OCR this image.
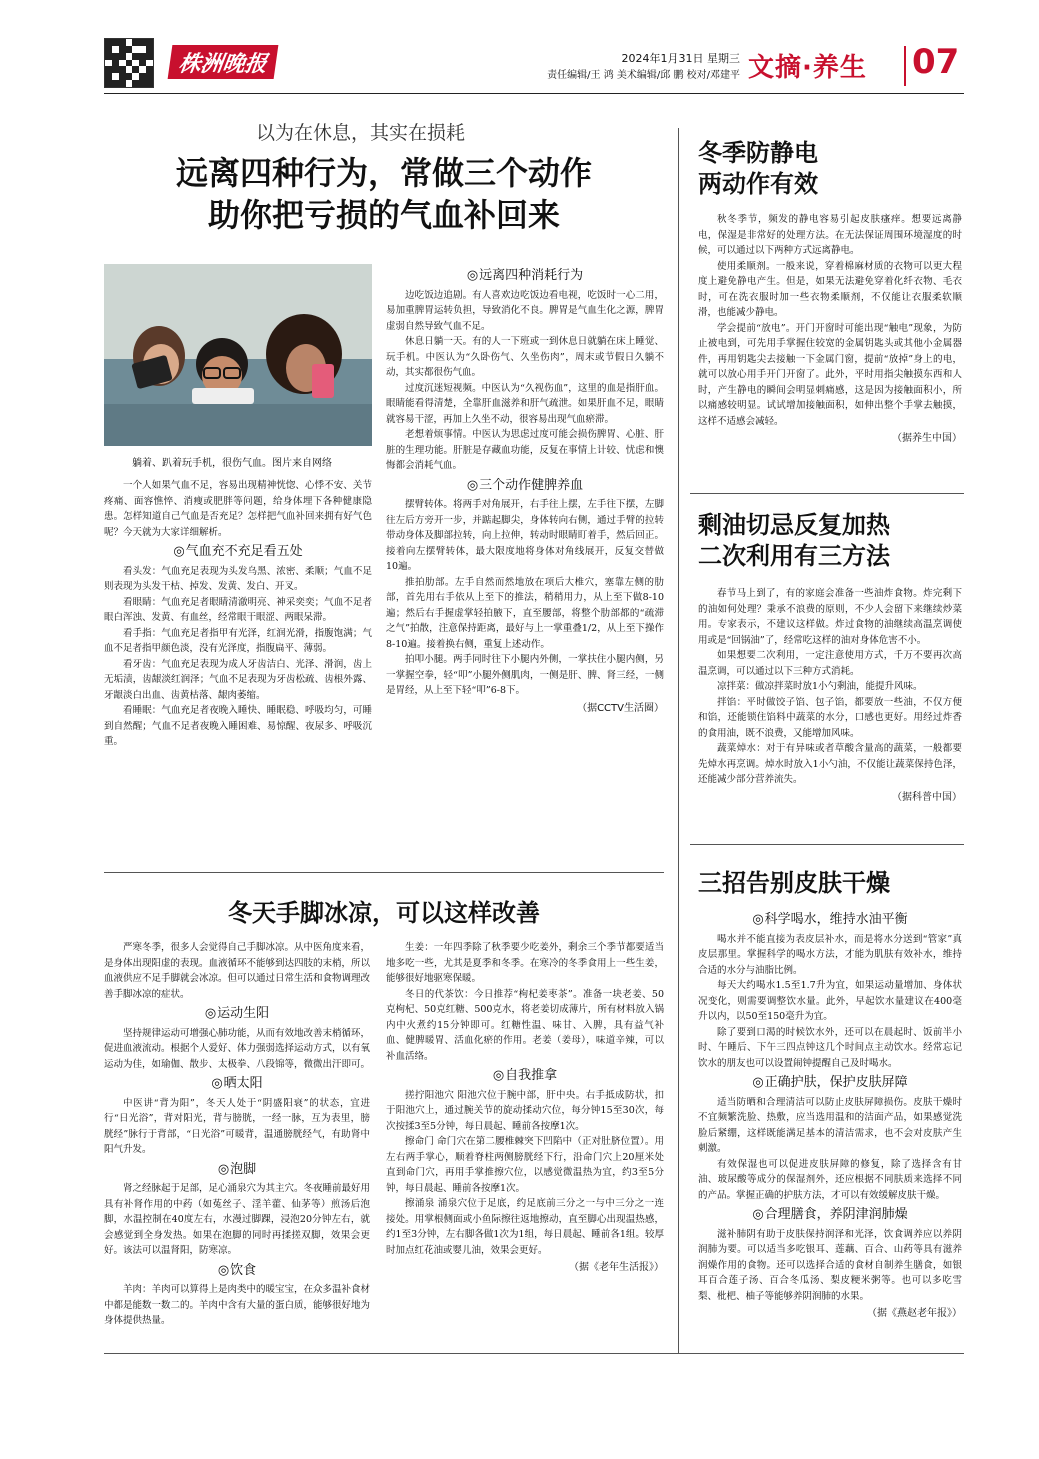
株洲晚报	2024年1月31日 星期三
责任编辑/王 鸿 美术编辑/邱 鹏 校对/邓建平 文摘·养生 07
以为在休息，其实在损耗
远离四种行为，常做三个动作
助你把亏损的气血补回来
躺着、趴着玩手机，很伤气血。图片来自网络

一个人如果气血不足，容易出现精神恍惚、心悸不安、关节疼痛、面容憔悴、消瘦或肥胖等问题，给身体埋下各种健康隐患。怎样知道自己气血是否充足？怎样把气血补回来拥有好气色呢？今天就为大家详细解析。

◎ 气血充不充足看五处

看头发：气血充足表现为头发乌黑、浓密、柔顺；气血不足则表现为头发干枯、掉发、发黄、发白、开叉。

看眼睛：气血充足者眼睛清澈明亮、神采奕奕；气血不足者眼白浑浊、发黄、有血丝，经常眼干眼涩、两眼呆滞。

看手指：气血充足者指甲有光泽，红润光滑，指腹饱满；气血不足者指甲颜色淡，没有光泽度，指腹扁平、薄弱。

看牙齿：气血充足表现为成人牙齿洁白、光泽、滑润，齿上无垢渍，齿龈淡红润泽；气血不足表现为牙齿松疏、齿根外露、牙龈淡白出血、齿黄枯落、龈肉萎缩。

看睡眠：气血充足者夜晚入睡快、睡眠稳、呼吸均匀，可睡到自然醒；气血不足者夜晚入睡困难、易惊醒、夜尿多、呼吸沉重。

◎ 远离四种消耗行为

边吃饭边追剧。有人喜欢边吃饭边看电视，吃饭时一心二用，易加重脾胃运转负担，导致消化不良。脾胃是气血生化之源，脾胃虚弱自然导致气血不足。

休息日躺一天。有的人一下班或一到休息日就躺在床上睡觉、玩手机。中医认为“久卧伤气、久坐伤肉”，周末或节假日久躺不动，其实都很伤气血。

过度沉迷短视频。中医认为“久视伤血”，这里的血是指肝血。眼睛能看得清楚，全靠肝血滋养和肝气疏泄。如果肝血不足，眼睛就容易干涩，再加上久坐不动，很容易出现气血瘀滞。

老想着烦事情。中医认为思虑过度可能会损伤脾胃、心脏、肝脏的生理功能。肝脏是存藏血功能，反复在事情上计较、忧虑和懊悔都会消耗气血。

◎ 三个动作健脾养血

摆臂转体。将两手对角展开，右手往上摆，左手往下摆，左脚往左后方旁开一步，并踮起脚尖，身体转向右侧，通过手臂的拉转带动身体及脚部拉转，向上拉伸，转动时眼睛盯着手，然后回正。接着向左摆臂转体，最大限度地将身体对角线展开，反复交替做10遍。

推拍肋部。左手自然而然地放在项后大椎穴，塞靠左侧的肋部，首先用右手依从上至下的推法，稍稍用力，从上至下做8-10遍；然后右手握虚掌轻拍腋下，直至腰部，将整个肋部都的“疏滞之气”拍散，注意保持距离，最好与上一掌重叠1/2，从上至下操作8-10遍。接着换右侧，重复上述动作。

拍叩小腿。两手同时往下小腿内外侧，一掌扶住小腿内侧，另一掌握空拳，轻“叩”小腿外侧肌肉，一侧是肝、脾、肾三经，一侧是胃经，从上至下轻“叩”6-8下。

（据CCTV生活圈）
冬季防静电
两动作有效

秋冬季节，频发的静电容易引起皮肤瘙痒。想要远离静电，保湿是非常好的处理方法。在无法保证周围环境湿度的时候，可以通过以下两种方式远离静电。

使用柔顺剂。一般来说，穿着棉麻材质的衣物可以更大程度上避免静电产生。但是，如果无法避免穿着化纤衣物、毛衣时，可在洗衣服时加一些衣物柔顺剂，不仅能让衣服柔软顺滑，也能减少静电。

学会提前“放电”。开门开窗时可能出现“触电”现象，为防止被电到，可先用手掌握住较宽的金属钥匙头或其他小金属器件，再用钥匙尖去接触一下金属门窗，提前“放掉”身上的电，就可以放心用手开门开窗了。此外，平时用指尖触摸东西和人时，产生静电的瞬间会明显刺痛感，这是因为接触面积小，所以痛感较明显。试试增加接触面积，如伸出整个手掌去触摸，这样不适感会减轻。

（据养生中国）
剩油切忌反复加热
二次利用有三方法

春节马上到了，有的家庭会准备一些油炸食物。炸完剩下的油如何处理？秉承不浪费的原则，不少人会留下来继续炒菜用。专家表示，不建议这样做。炸过食物的油继续高温烹调使用或是“回锅油”了，经常吃这样的油对身体危害不小。

如果想要二次利用，一定注意使用方式，千万不要再次高温烹调，可以通过以下三种方式消耗。

凉拌菜：做凉拌菜时放1小勺剩油，能提升风味。

拌馅：平时做饺子馅、包子馅，都要放一些油，不仅方便和馅，还能锁住馅料中蔬菜的水分，口感也更好。用经过炸香的食用油，既不浪费，又能增加风味。

蔬菜焯水：对于有异味或者草酸含量高的蔬菜，一般都要先焯水再烹调。焯水时放入1小勺油，不仅能让蔬菜保持色泽，还能减少部分营养流失。

（据科普中国）
三招告别皮肤干燥
◎ 科学喝水，维持水油平衡

喝水并不能直接为表皮层补水，而是将水分送到“管家”真皮层那里。掌握科学的喝水方法，才能为肌肤有效补水，维持合适的水分与油脂比例。

每天大约喝水1.5至1.7升为宜，如果运动量增加、身体状况变化，则需要调整饮水量。此外，早起饮水量建议在400毫升以内，以50至150毫升为宜。

除了要到口渴的时候饮水外，还可以在晨起时、饭前半小时、午睡后、下午三四点钟这几个时间点主动饮水。经常忘记饮水的朋友也可以设置闹钟提醒自己及时喝水。

◎ 正确护肤，保护皮肤屏障

适当防晒和合理清洁可以防止皮肤屏障损伤。皮肤干燥时不宜频繁洗脸、热敷，应当选用温和的洁面产品，如果感觉洗脸后紧绷，这样既能满足基本的清洁需求，也不会对皮肤产生刺激。

有效保湿也可以促进皮肤屏障的修复，除了选择含有甘油、玻尿酸等成分的保湿剂外，还应根据不同肤质来选择不同的产品。掌握正确的护肤方法，才可以有效缓解皮肤干燥。

◎ 合理膳食，养阴津润肺燥

滋补肺阴有助于皮肤保持润泽和光泽，饮食调养应以养阴润肺为要。可以适当多吃银耳、莲藕、百合、山药等具有滋养润燥作用的食物。还可以选择合适的食材自制养生膳食，如银耳百合莲子汤、百合冬瓜汤、梨皮粳米粥等。也可以多吃雪梨、枇杷、柚子等能够养阴润肺的水果。

（据《燕赵老年报》）
冬天手脚冰凉，可以这样改善

严寒冬季，很多人会觉得自己手脚冰凉。从中医角度来看，是身体出现阳虚的表现。血液循环不能够到达四肢的末梢，所以血液供应不足手脚就会冰凉。但可以通过日常生活和食物调理改善手脚冰凉的症状。

◎ 运动生阳

坚持规律运动可增强心肺功能，从而有效地改善末梢循环，促进血液流动。根据个人爱好、体力强弱选择运动方式，以有氧运动为佳，如瑜伽、散步、太极拳、八段锦等，微微出汗即可。

◎ 晒太阳

中医讲“背为阳”，冬天人处于“阴盛阳衰”的状态，宜进行“日光浴”，背对阳光，背与膀胱，一经一脉，互为表里，膀胱经”脉行于背部，“日光浴”可暖背，温通膀胱经气，有助肾中阳气升发。

◎ 泡脚

肾之经脉起于足部，足心涌泉穴为其主穴。冬夜睡前最好用具有补肾作用的中药（如菟丝子、淫羊藿、仙茅等）煎汤后泡脚，水温控制在40度左右，水漫过脚踝，浸泡20分钟左右，就会感觉到全身发热。如果在泡脚的同时再揉搓双脚，效果会更好。该法可以温肾阳，防寒凉。

◎ 饮食

羊肉：羊肉可以算得上是肉类中的暖宝宝，在众多温补食材中都是能数一数二的。羊肉中含有大量的蛋白质，能够很好地为身体提供热量。

生姜：一年四季除了秋季要少吃姜外，剩余三个季节都要适当地多吃一些，尤其是夏季和冬季。在寒冷的冬季食用上一些生姜，能够很好地驱寒保暖。

冬日的代茶饮：今日推荐“枸杞姜枣茶”。准备一块老姜、50克枸杞、50克红糖、500克水，将老姜切成薄片，所有材料放入锅内中火煮约15分钟即可。红糖性温、味甘、入脾，具有益气补血、健脾暖胃、活血化瘀的作用。老姜（姜母），味道辛辣，可以补血活络。

◎ 自我推拿

搓拧阳池穴 阳池穴位于腕中部，肝中央。右手抵成防状，扣于阳池穴上，通过腕关节的旋动揉动穴位，每分钟15至30次，每次按揉3至5分钟，每日晨起、睡前各按摩1次。

擦命门 命门穴在第二腰椎棘突下凹陷中（正对肚脐位置）。用左右两手掌心，顺着脊柱两侧膀胱经下行，沿命门穴上20厘米处直到命门穴，再用手掌推擦穴位，以感觉微温热为宜，约3至5分钟，每日晨起、睡前各按摩1次。

擦涌泉 涌泉穴位于足底，约足底前三分之一与中三分之一连接处。用掌根侧面或小鱼际擦往返地擦动，直至脚心出现温热感，约1至3分钟，左右脚各做1次为1组，每日晨起、睡前各1组。较厚时加点红花油或婴儿油，效果会更好。

（据《老年生活报》）
